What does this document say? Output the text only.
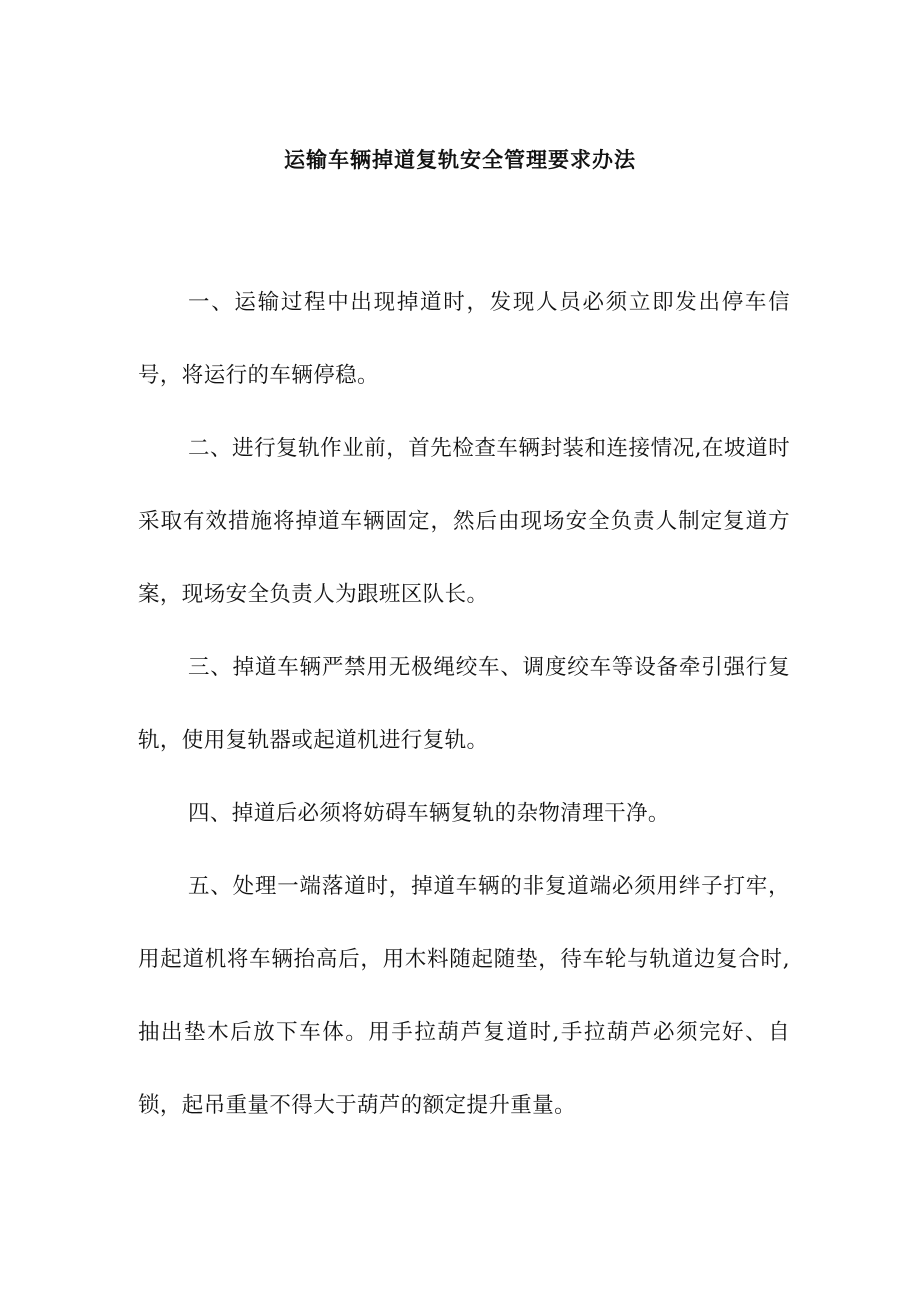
运输车辆掉道复轨安全管理要求办法

一、运输过程中出现掉道时，发现人员必须立即发出停车信号，将运行的车辆停稳。

二、进行复轨作业前，首先检查车辆封装和连接情况,在坡道时采取有效措施将掉道车辆固定，然后由现场安全负责人制定复道方案，现场安全负责人为跟班区队长。

三、掉道车辆严禁用无极绳绞车、调度绞车等设备牵引强行复轨，使用复轨器或起道机进行复轨。

四、掉道后必须将妨碍车辆复轨的杂物清理干净。

五、处理一端落道时，掉道车辆的非复道端必须用绊子打牢，用起道机将车辆抬高后，用木料随起随垫，待车轮与轨道边复合时,抽出垫木后放下车体。用手拉葫芦复道时,手拉葫芦必须完好、自锁，起吊重量不得大于葫芦的额定提升重量。
